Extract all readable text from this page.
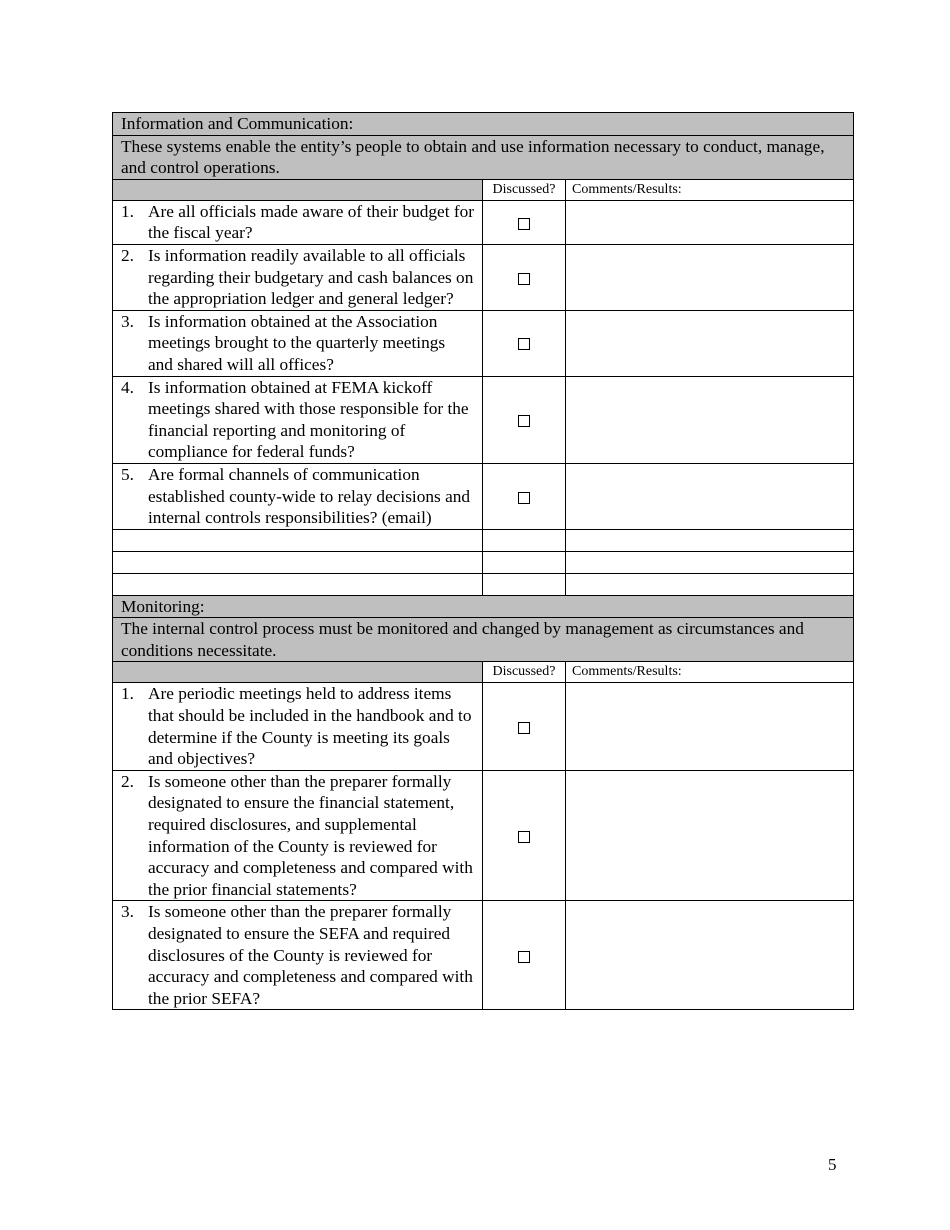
Information and Communication:		
These systems enable the entity’s people to obtain and use information necessary to conduct, manage, and control operations.		
	Discussed?	Comments/Results:

1. Are all officials made aware of their budget for the fiscal year?		

2. Is information readily available to all officials regarding their budgetary and cash balances on the appropriation ledger and general ledger?		

3. Is information obtained at the Association meetings brought to the quarterly meetings and shared will all offices?		

4. Is information obtained at FEMA kickoff meetings shared with those responsible for the financial reporting and monitoring of compliance for federal funds?		

5. Are formal channels of communication established county-wide to relay decisions and internal controls responsibilities? (email)		

Monitoring:		
The internal control process must be monitored and changed by management as circumstances and conditions necessitate.		
	Discussed?	Comments/Results:

1. Are periodic meetings held to address items that should be included in the handbook and to determine if the County is meeting its goals and objectives?		

2. Is someone other than the preparer formally designated to ensure the financial statement, required disclosures, and supplemental information of the County is reviewed for accuracy and completeness and compared with the prior financial statements?		

3. Is someone other than the preparer formally designated to ensure the SEFA and required disclosures of the County is reviewed for accuracy and completeness and compared with the prior SEFA?		

5
